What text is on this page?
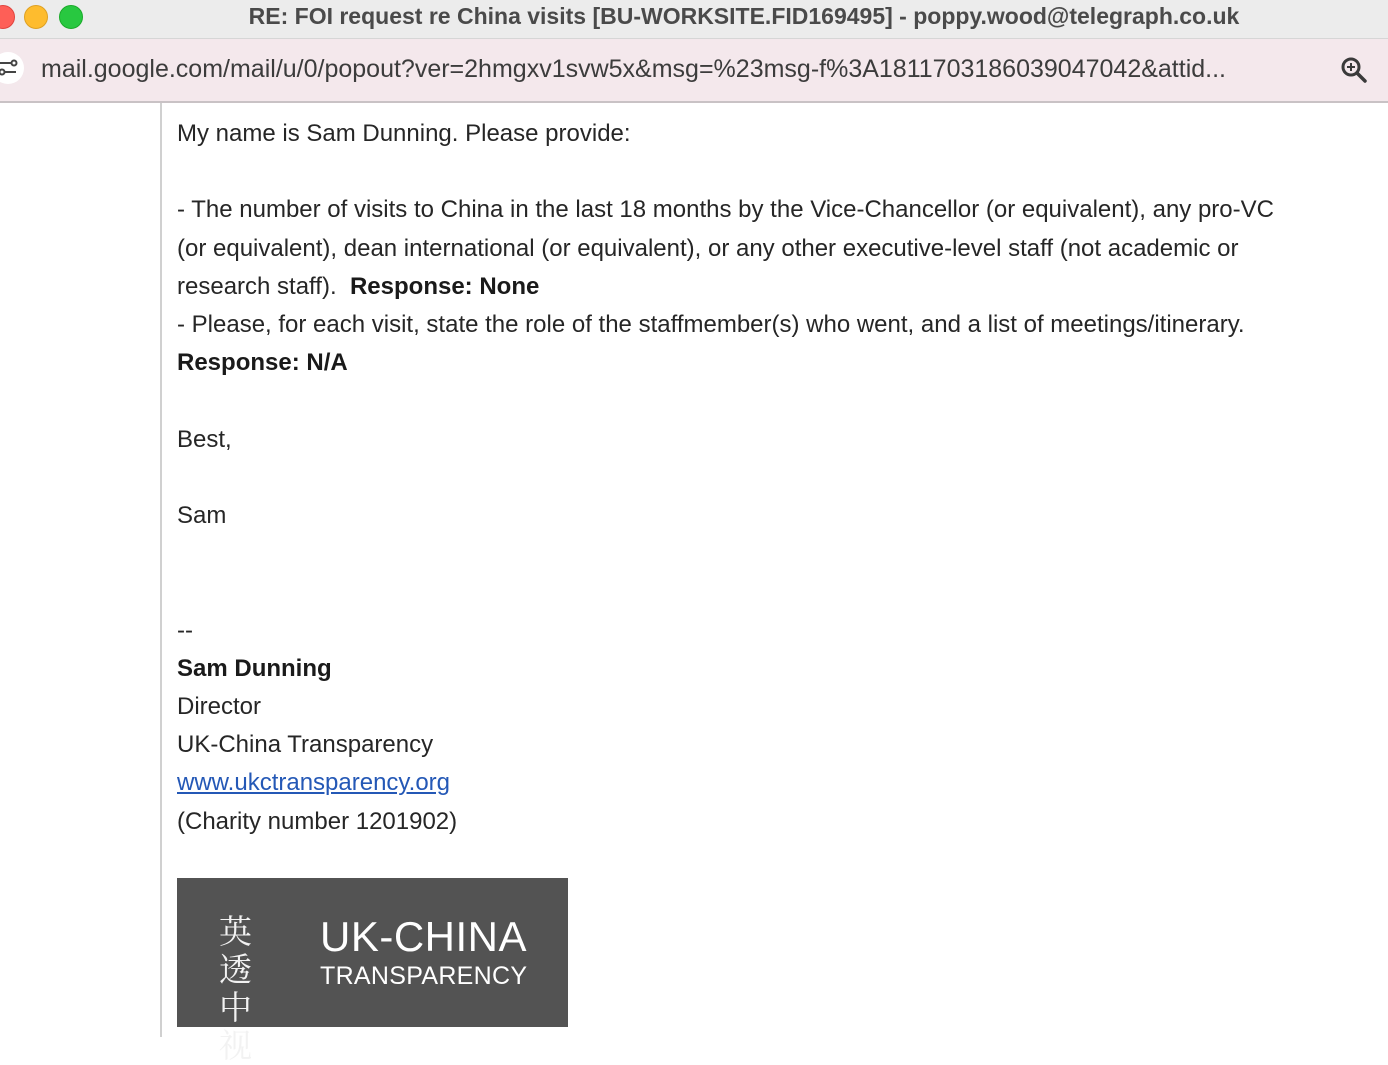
RE: FOI request re China visits [BU-WORKSITE.FID169495] - poppy.wood@telegraph.co.uk
mail.google.com/mail/u/0/popout?ver=2hmgxv1svw5x&msg=%23msg-f%3A1811703186039047042&attid...
My name is Sam Dunning. Please provide:
- The number of visits to China in the last 18 months by the Vice-Chancellor (or equivalent), any pro-VC
(or equivalent), dean international (or equivalent), or any other executive-level staff (not academic or
research staff). Response: None
- Please, for each visit, state the role of the staffmember(s) who went, and a list of meetings/itinerary.
Response: N/A
Best,
Sam
--
Sam Dunning
Director
UK-China Transparency
www.ukctransparency.org
(Charity number 1201902)
英透中视
UK-CHINA
TRANSPARENCY
